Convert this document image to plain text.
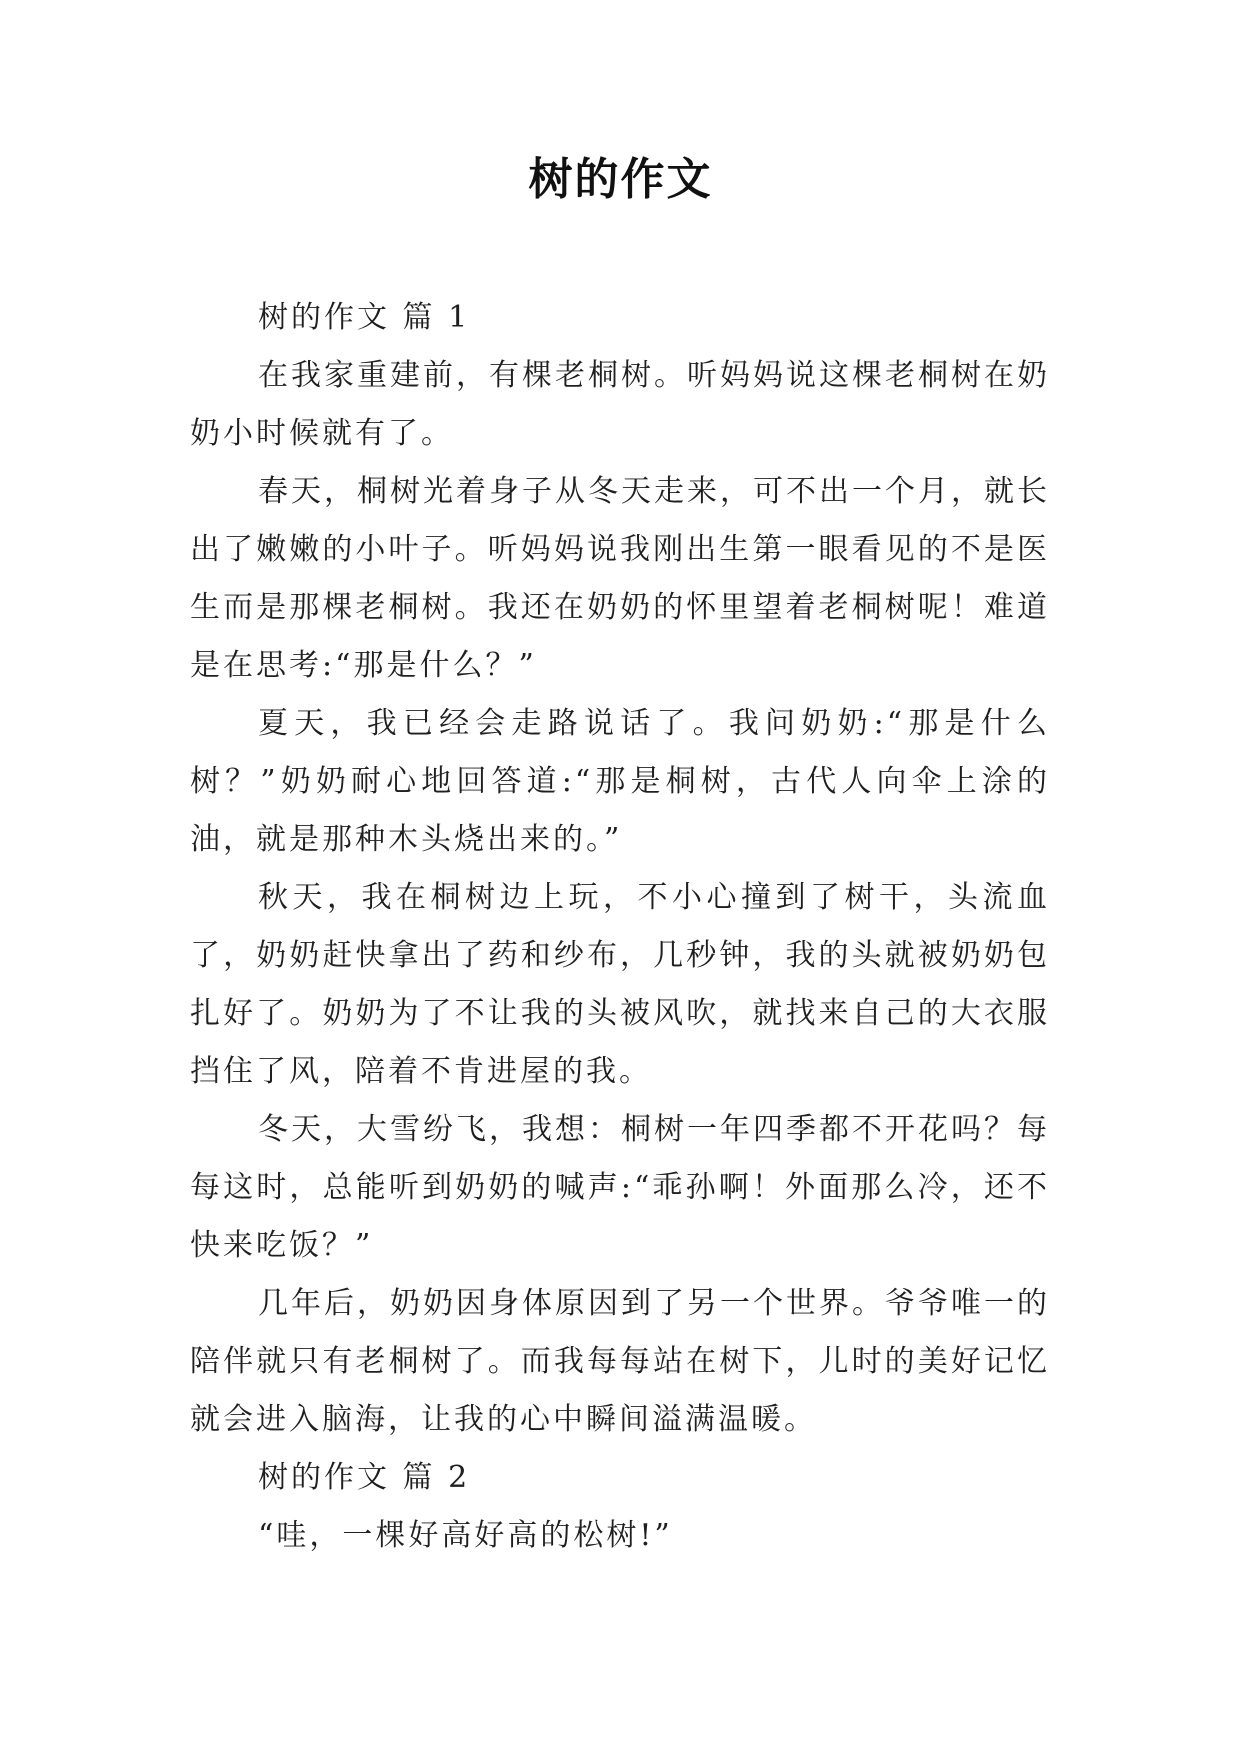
树的作文

树的作文 篇 1

在我家重建前，有棵老桐树。听妈妈说这棵老桐树在奶奶小时候就有了。

春天，桐树光着身子从冬天走来，可不出一个月，就长出了嫩嫩的小叶子。听妈妈说我刚出生第一眼看见的不是医生而是那棵老桐树。我还在奶奶的怀里望着老桐树呢！难道是在思考:“那是什么？”

夏天，我已经会走路说话了。我问奶奶:“那是什么树？”奶奶耐心地回答道:“那是桐树，古代人向伞上涂的油，就是那种木头烧出来的。”

秋天，我在桐树边上玩，不小心撞到了树干，头流血了，奶奶赶快拿出了药和纱布，几秒钟，我的头就被奶奶包扎好了。奶奶为了不让我的头被风吹，就找来自己的大衣服挡住了风，陪着不肯进屋的我。

冬天，大雪纷飞，我想：桐树一年四季都不开花吗？每每这时，总能听到奶奶的喊声:“乖孙啊！外面那么冷，还不快来吃饭？”

几年后，奶奶因身体原因到了另一个世界。爷爷唯一的陪伴就只有老桐树了。而我每每站在树下，儿时的美好记忆就会进入脑海，让我的心中瞬间溢满温暖。

树的作文 篇 2

“哇，一棵好高好高的松树!”
